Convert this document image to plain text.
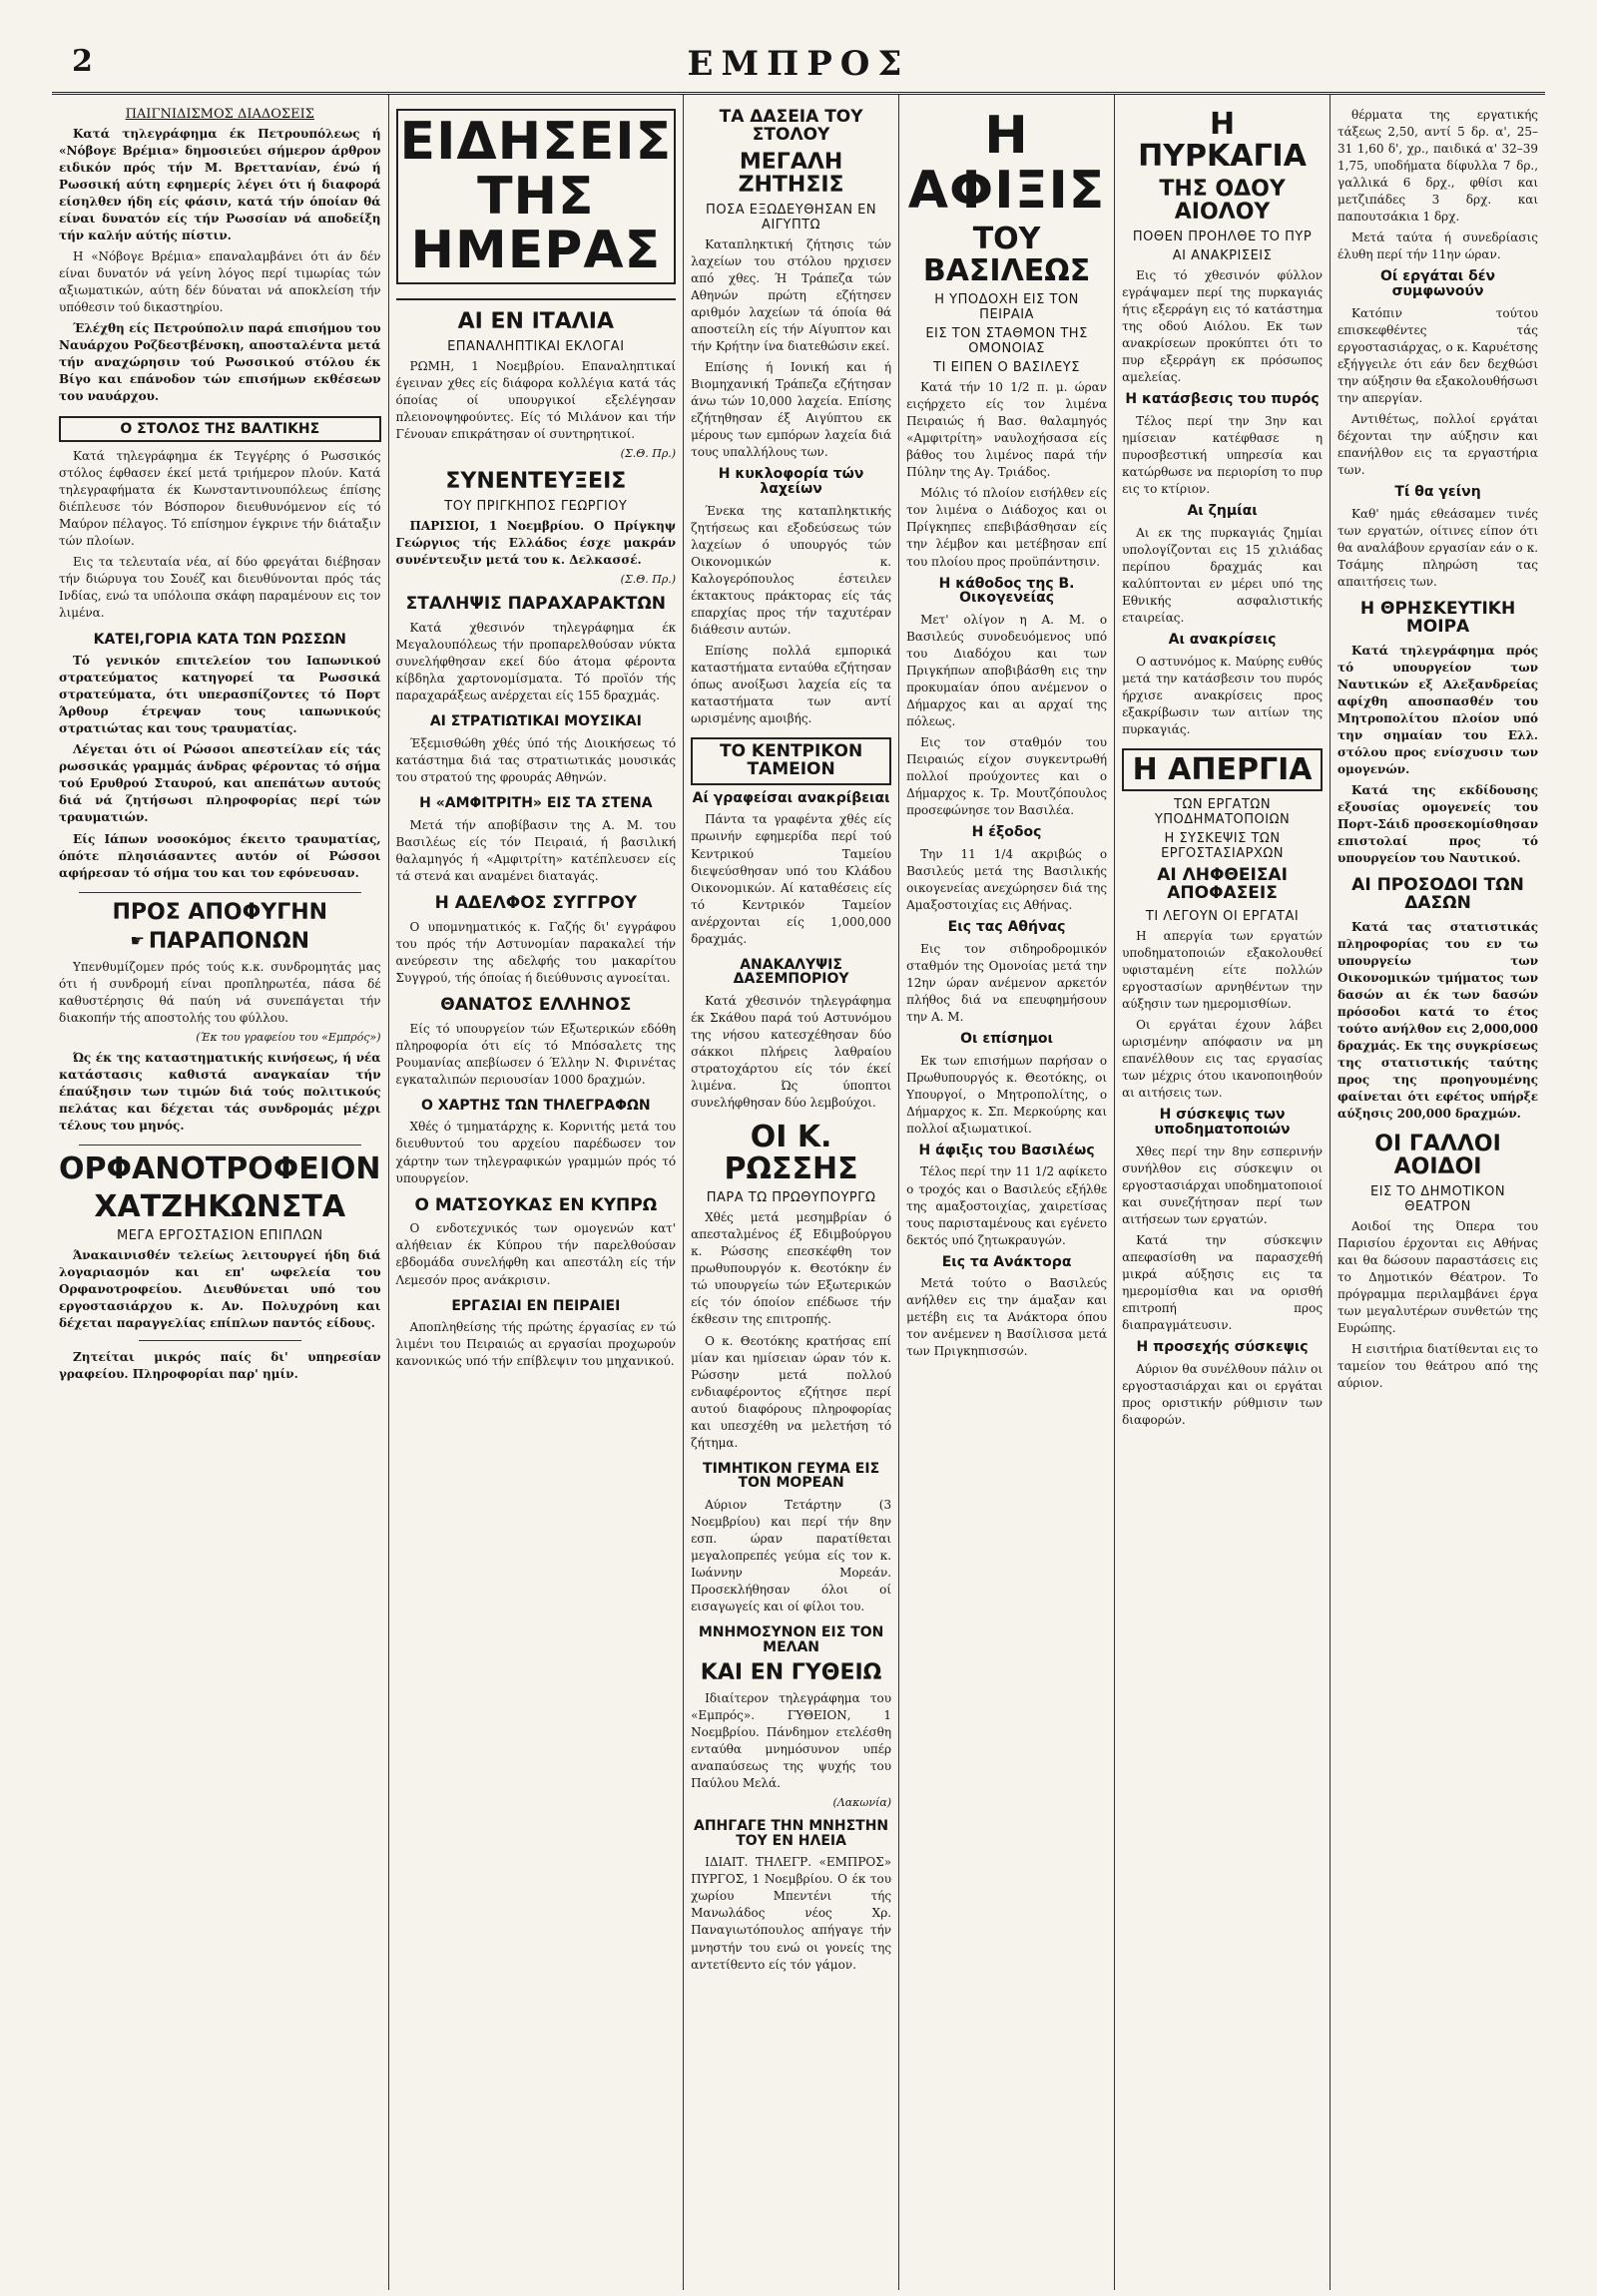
2	ΕΜΠΡΟΣ
ΠΑΙΓΝΙΔΙΣΜΟΣ ΔΙΑΔΟΣΕΙΣ

Κατά τηλεγράφημα έκ Πετρουπόλεως ή «Νόβογε Βρέμια» δημοσιεύει σήμερον άρθρον ειδικόν πρός τήν Μ. Βρεττανίαν, ένώ ή Ρωσσική αύτη εφημερίς λέγει ότι ή διαφορά είσηλθεν ήδη είς φάσιν, κατά τήν όποίαν θά είναι δυνατόν είς τήν Ρωσσίαν νά αποδείξη τήν καλήν αύτής πίστιν.

Η «Νόβογε Βρέμια» επαναλαμβάνει ότι άν δέν είναι δυνατόν νά γείνη λόγος περί τιμωρίας τών αξιωματικών, αύτη δέν δύναται νά αποκλείση τήν υπόθεσιν τού δικαστηρίου.

Έλέχθη είς Πετρούπολιν παρά επισήμου του Ναυάρχου Ροζδεστβένσκη, αποσταλέντα μετά τήν αναχώρησιν τού Ρωσσικού στόλου έκ Βίγο και επάνοδον τών επισήμων εκθέσεων του ναυάρχου.

Ο ΣΤΟΛΟΣ ΤΗΣ ΒΑΛΤΙΚΗΣ

Κατά τηλεγράφημα έκ Τεγγέρης ό Ρωσσικός στόλος έφθασεν έκεί μετά τριήμερον πλούν. Κατά τηλεγραφήματα έκ Κωνσταντινουπόλεως έπίσης διέπλευσε τόν Βόσπορον διευθυνόμενον είς τό Μαύρον πέλαγος. Τό επίσημον έγκρινε τήν διάταξιν τών πλοίων.

Εις τα τελευταία νέα, αί δύο φρεγάται διέβησαν τήν διώρυγα του Σουέζ και διευθύνονται πρός τάς Ινδίας, ενώ τα υπόλοιπα σκάφη παραμένουν εις τον λιμένα.

ΚΑΤΕΙ,ΓΟΡΙΑ ΚΑΤΑ ΤΩΝ ΡΩΣΣΩΝ

Τό γενικόν επιτελείον του Ιαπωνικού στρατεύματος κατηγορεί τα Ρωσσικά στρατεύματα, ότι υπερασπίζοντες τό Πορτ Άρθουρ έτρεψαν τους ιαπωνικούς στρατιώτας και τους τραυματίας.

Λέγεται ότι οί Ρώσσοι απεστείλαν είς τάς ρωσσικάς γραμμάς άνδρας φέροντας τό σήμα τού Ερυθρού Σταυρού, και απεπάτων αυτούς διά νά ζητήσωσι πληροφορίας περί τών τραυματιών.

Είς Ιάπων νοσοκόμος έκειτο τραυματίας, όπότε πλησιάσαντες αυτόν οί Ρώσσοι αφήρεσαν τό σήμα του και τον εφόνευσαν.

ΠΡΟΣ ΑΠΟΦΥΓΗΝ
☛ ΠΑΡΑΠΟΝΩΝ

Υπενθυμίζομεν πρός τούς κ.κ. συνδρομητάς μας ότι ή συνδρομή είναι προπληρωτέα, πάσα δέ καθυστέρησις θά παύη νά συνεπάγεται τήν διακοπήν τής αποστολής του φύλλου.

(Έκ του γραφείου του «Εμπρός»)

Ώς έκ της καταστηματικής κινήσεως, ή νέα κατάστασις καθιστά αναγκαίαν τήν έπαύξησιν των τιμών διά τούς πολιτικούς πελάτας και δέχεται τάς συνδρομάς μέχρι τέλους του μηνός.

ΟΡΦΑΝΟΤΡΟΦΕΙΟΝ
ΧΑΤΖΗΚΩΝΣΤΑ
ΜΕΓΑ ΕΡΓΟΣΤΑΣΙΟΝ ΕΠΙΠΛΩΝ

Άνακαινισθέν τελείως λειτουργεί ήδη διά λογαριασμόν και επ' ωφελεία του Ορφανοτροφείου. Διευθύνεται υπό του εργοστασιάρχου κ. Αν. Πολυχρόνη και δέχεται παραγγελίας επίπλων παντός είδους.

Ζητείται μικρός παίς δι' υπηρεσίαν γραφείου. Πληροφορίαι παρ' ημίν.

ΕΙΔΗΣΕΙΣ ΤΗΣ ΗΜΕΡΑΣ
ΑΙ ΕΝ ΙΤΑΛΙΑ
ΕΠΑΝΑΛΗΠΤΙΚΑΙ ΕΚΛΟΓΑΙ

ΡΩΜΗ, 1 Νοεμβρίου. Επαναληπτικαί έγειναν χθες είς διάφορα κολλέγια κατά τάς όποίας οί υπουργικοί εξελέγησαν πλειονοψηφούντες. Είς τό Μιλάνον και τήν Γένουαν επικράτησαν οί συντηρητικοί.

(Σ.Θ. Πρ.)
ΣΥΝΕΝΤΕΥΞΕΙΣ
ΤΟΥ ΠΡΙΓΚΗΠΟΣ ΓΕΩΡΓΙΟΥ

ΠΑΡΙΣΙΟΙ, 1 Νοεμβρίου. Ο Πρίγκηψ Γεώργιος τής Ελλάδος έσχε μακράν συνέντευξιν μετά του κ. Δελκασσέ.

(Σ.Θ. Πρ.)
ΣΤΑΛΗΨΙΣ ΠΑΡΑΧΑΡΑΚΤΩΝ

Κατά χθεσινόν τηλεγράφημα έκ Μεγαλουπόλεως τήν προπαρελθούσαν νύκτα συνελήφθησαν εκεί δύο άτομα φέροντα κίβδηλα χαρτονομίσματα. Τό προϊόν τής παραχαράξεως ανέρχεται είς 155 δραχμάς.

ΑΙ ΣΤΡΑΤΙΩΤΙΚΑΙ ΜΟΥΣΙΚΑΙ

Έξεμισθώθη χθές ύπό τής Διοικήσεως τό κατάστημα διά τας στρατιωτικάς μουσικάς του στρατού της φρουράς Αθηνών.

Η «ΑΜΦΙΤΡΙΤΗ» ΕΙΣ ΤΑ ΣΤΕΝΑ

Μετά τήν αποβίβασιν της Α. Μ. του Βασιλέως είς τόν Πειραιά, ή βασιλική θαλαμηγός ή «Αμφιτρίτη» κατέπλευσεν είς τά στενά και αναμένει διαταγάς.

Η ΑΔΕΛΦΟΣ ΣΥΓΓΡΟΥ

Ο υπομνηματικός κ. Γαζής δι' εγγράφου του πρός τήν Αστυνομίαν παρακαλεί τήν ανεύρεσιν της αδελφής του μακαρίτου Συγγρού, τής όποίας ή διεύθυνσις αγνοείται.

ΘΑΝΑΤΟΣ ΕΛΛΗΝΟΣ

Είς τό υπουργείον τών Εξωτερικών εδόθη πληροφορία ότι είς τό Μπόσαλετς της Ρουμανίας απεβίωσεν ό Έλλην Ν. Φιρινέτας εγκαταλιπών περιουσίαν 1000 δραχμών.

Ο ΧΑΡΤΗΣ ΤΩΝ ΤΗΛΕΓΡΑΦΩΝ

Χθές ό τμηματάρχης κ. Κορνιτής μετά του διευθυντού του αρχείου παρέδωσεν τον χάρτην των τηλεγραφικών γραμμών πρός τό υπουργείον.

Ο ΜΑΤΣΟΥΚΑΣ ΕΝ ΚΥΠΡΩ

Ο ενδοτεχνικός των ομογενών κατ' αλήθειαν έκ Κύπρου τήν παρελθούσαν εβδομάδα συνελήφθη και απεστάλη είς τήν Λεμεσόν προς ανάκρισιν.

ΕΡΓΑΣΙΑΙ ΕΝ ΠΕΙΡΑΙΕΙ

Αποπληθείσης τής πρώτης έργασίας εν τώ λιμένι του Πειραιώς αι εργασίαι προχωρούν κανονικώς υπό τήν επίβλεψιν του μηχανικού.

ΤΑ ΔΑΣΕΙΑ ΤΟΥ ΣΤΟΛΟΥ
ΜΕΓΑΛΗ ΖΗΤΗΣΙΣ
ΠΟΣΑ ΕΞΩΔΕΥΘΗΣΑΝ ΕΝ ΑΙΓΥΠΤΩ

Καταπληκτική ζήτησις τών λαχείων του στόλου ηρχισεν από χθες. Ή Τράπεζα τών Αθηνών πρώτη εζήτησεν αριθμόν λαχείων τά όποία θά αποστείλη είς τήν Αίγυπτον και τήν Κρήτην ίνα διατεθώσιν εκεί.

Επίσης ή Ιονική και ή Βιομηχανική Τράπεζα εζήτησαν άνω τών 10,000 λαχεία. Επίσης εζήτηθησαν έξ Αιγύπτου εκ μέρους των εμπόρων λαχεία διά τους υπαλλήλους των.

Η κυκλοφορία τών λαχείων

Ένεκα της καταπληκτικής ζητήσεως και εξοδεύσεως τών λαχείων ό υπουργός τών Οικονομικών κ. Καλογερόπουλος έστειλεν έκτακτους πράκτορας είς τάς επαρχίας προς τήν ταχυτέραν διάθεσιν αυτών.

Επίσης πολλά εμπορικά καταστήματα ενταύθα εζήτησαν όπως ανοίξωσι λαχεία είς τα καταστήματα των αντί ωρισμένης αμοιβής.

ΤΟ ΚΕΝΤΡΙΚΟΝ ΤΑΜΕΙΟΝ
Αί γραφείσαι ανακρίβειαι

Πάντα τα γραφέντα χθές είς πρωινήν εφημερίδα περί τού Κεντρικού Ταμείου διεψεύσθησαν υπό του Κλάδου Οικονομικών. Αί καταθέσεις είς τό Κεντρικόν Ταμείον ανέρχονται είς 1,000,000 δραχμάς.

ΑΝΑΚΑΛΥΨΙΣ ΔΑΣΕΜΠΟΡΙΟΥ

Κατά χθεσινόν τηλεγράφημα έκ Σκάθου παρά τού Αστυνόμου της νήσου κατεσχέθησαν δύο σάκκοι πλήρεις λαθραίου στρατοχάρτου είς τόν έκεί λιμένα. Ώς ύποπτοι συνελήφθησαν δύο λεμβούχοι.

ΟΙ Κ. ΡΩΣΣΗΣ
ΠΑΡΑ ΤΩ ΠΡΩΘΥΠΟΥΡΓΩ

Χθές μετά μεσημβρίαν ό απεσταλμένος έξ Εδιμβούργου κ. Ρώσσης επεσκέφθη τον πρωθυπουργόν κ. Θεοτόκην έν τώ υπουργείω τών Εξωτερικών είς τόν όποίον επέδωσε τήν έκθεσιν της επιτροπής.

Ο κ. Θεοτόκης κρατήσας επί μίαν και ημίσειαν ώραν τόν κ. Ρώσσην μετά πολλού ενδιαφέροντος εζήτησε περί αυτού διαφόρους πληροφορίας και υπεσχέθη να μελετήση τό ζήτημα.

ΤΙΜΗΤΙΚΟΝ ΓΕΥΜΑ ΕΙΣ ΤΟΝ ΜΟΡΕΑΝ

Αύριον Τετάρτην (3 Νοεμβρίου) και περί τήν 8ην εσπ. ώραν παρατίθεται μεγαλοπρεπές γεύμα είς τον κ. Ιωάννην Μορεάν. Προσεκλήθησαν όλοι οί εισαγωγείς και οί φίλοι του.

ΜΝΗΜΟΣΥΝΟΝ ΕΙΣ ΤΟΝ ΜΕΛΑΝ
ΚΑΙ ΕΝ ΓΥΘΕΙΩ

Ιδιαίτερον τηλεγράφημα του «Εμπρός». ΓΥΘΕΙΟΝ, 1 Νοεμβρίου. Πάνδημον ετελέσθη ενταύθα μνημόσυνον υπέρ αναπαύσεως της ψυχής του Παύλου Μελά.

(Λακωνία)
ΑΠΗΓΑΓΕ ΤΗΝ ΜΝΗΣΤΗΝ ΤΟΥ ΕΝ ΗΛΕΙΑ

ΙΔΙΑΙΤ. ΤΗΛΕΓΡ. «ΕΜΠΡΟΣ» ΠΥΡΓΟΣ, 1 Νοεμβρίου. Ο έκ του χωρίου Μπεντένι τής Μανωλάδος νέος Χρ. Παναγιωτόπουλος απήγαγε τήν μνηστήν του ενώ οι γονείς της αντετίθεντο είς τόν γάμον.

Η ΑΦΙΞΙΣ
ΤΟΥ ΒΑΣΙΛΕΩΣ
Η ΥΠΟΔΟΧΗ ΕΙΣ ΤΟΝ ΠΕΙΡΑΙΑ
ΕΙΣ ΤΟΝ ΣΤΑΘΜΟΝ ΤΗΣ ΟΜΟΝΟΙΑΣ
ΤΙ ΕΙΠΕΝ Ο ΒΑΣΙΛΕΥΣ

Κατά τήν 10 1/2 π. μ. ώραν ειςήρχετο είς τον λιμένα Πειραιώς ή Βασ. θαλαμηγός «Αμφιτρίτη» ναυλοχήσασα είς βάθος του λιμένος παρά τήν Πύλην της Αγ. Τριάδος.

Μόλις τό πλοίον εισήλθεν είς τον λιμένα ο Διάδοχος και οι Πρίγκηπες επεβιβάσθησαν είς την λέμβον και μετέβησαν επί του πλοίου προς προϋπάντησιν.

Η κάθοδος της Β. Οικογενείας

Μετ' ολίγον η Α. Μ. ο Βασιλεύς συνοδευόμενος υπό του Διαδόχου και των Πριγκήπων αποβιβάσθη εις την προκυμαίαν όπου ανέμενον ο Δήμαρχος και αι αρχαί της πόλεως.

Εις τον σταθμόν του Πειραιώς είχον συγκεντρωθή πολλοί προύχοντες και ο Δήμαρχος κ. Τρ. Μουτζόπουλος προσεφώνησε τον Βασιλέα.

Η έξοδος

Την 11 1/4 ακριβώς ο Βασιλεύς μετά της Βασιλικής οικογενείας ανεχώρησεν διά της Αμαξοστοιχίας εις Αθήνας.

Εις τας Αθήνας

Εις τον σιδηροδρομικόν σταθμόν της Ομονοίας μετά την 12ην ώραν ανέμενον αρκετόν πλήθος διά να επευφημήσουν την Α. Μ.

Οι επίσημοι

Εκ των επισήμων παρήσαν ο Πρωθυπουργός κ. Θεοτόκης, οι Υπουργοί, ο Μητροπολίτης, ο Δήμαρχος κ. Σπ. Μερκούρης και πολλοί αξιωματικοί.

Η άφιξις του Βασιλέως

Τέλος περί την 11 1/2 αφίκετο ο τροχός και ο Βασιλεύς εξήλθε της αμαξοστοιχίας, χαιρετίσας τους παρισταμένους και εγένετο δεκτός υπό ζητωκραυγών.

Εις τα Ανάκτορα

Μετά τούτο ο Βασιλεύς ανήλθεν εις την άμαξαν και μετέβη εις τα Ανάκτορα όπου τον ανέμενεν η Βασίλισσα μετά των Πριγκηπισσών.

Η ΠΥΡΚΑΓΙΑ
ΤΗΣ ΟΔΟΥ ΑΙΟΛΟΥ
ΠΟΘΕΝ ΠΡΟΗΛΘΕ ΤΟ ΠΥΡ
ΑΙ ΑΝΑΚΡΙΣΕΙΣ

Εις τό χθεσινόν φύλλον εγράψαμεν περί της πυρκαγιάς ήτις εξερράγη εις τό κατάστημα της οδού Αιόλου. Εκ των ανακρίσεων προκύπτει ότι το πυρ εξερράγη εκ πρόσωπος αμελείας.

Η κατάσβεσις του πυρός

Τέλος περί την 3ην και ημίσειαν κατέφθασε η πυροσβεστική υπηρεσία και κατώρθωσε να περιορίση το πυρ εις το κτίριον.

Αι ζημίαι

Αι εκ της πυρκαγιάς ζημίαι υπολογίζονται εις 15 χιλιάδας περίπου δραχμάς και καλύπτονται εν μέρει υπό της Εθνικής ασφαλιστικής εταιρείας.

Αι ανακρίσεις

Ο αστυνόμος κ. Μαύρης ευθύς μετά την κατάσβεσιν του πυρός ήρχισε ανακρίσεις προς εξακρίβωσιν των αιτίων της πυρκαγιάς.

Η ΑΠΕΡΓΙΑ
ΤΩΝ ΕΡΓΑΤΩΝ ΥΠΟΔΗΜΑΤΟΠΟΙΩΝ
Η ΣΥΣΚΕΨΙΣ ΤΩΝ ΕΡΓΟΣΤΑΣΙΑΡΧΩΝ
ΑΙ ΛΗΦΘΕΙΣΑΙ ΑΠΟΦΑΣΕΙΣ
ΤΙ ΛΕΓΟΥΝ ΟΙ ΕΡΓΑΤΑΙ

Η απεργία των εργατών υποδηματοποιών εξακολουθεί υφισταμένη είτε πολλών εργοστασίων αρνηθέντων την αύξησιν των ημερομισθίων.

Οι εργάται έχουν λάβει ωρισμένην απόφασιν να μη επανέλθουν εις τας εργασίας των μέχρις ότου ικανοποιηθούν αι αιτήσεις των.

Η σύσκεψις των υποδηματοποιών

Χθες περί την 8ην εσπερινήν συνήλθον εις σύσκεψιν οι εργοστασιάρχαι υποδηματοποιοί και συνεζήτησαν περί των αιτήσεων των εργατών.

Κατά την σύσκεψιν απεφασίσθη να παρασχεθή μικρά αύξησις εις τα ημερομίσθια και να ορισθή επιτροπή προς διαπραγμάτευσιν.

Η προσεχής σύσκεψις

Αύριον θα συνέλθουν πάλιν οι εργοστασιάρχαι και οι εργάται προς οριστικήν ρύθμισιν των διαφορών.

θέρματα της εργατικής τάξεως 2,50, αντί 5 δρ. α', 25–31 1,60 δ', χρ., παιδικά α' 32–39 1,75, υποδήματα δίφυλλα 7 δρ., γαλλικά 6 δρχ., φθίσι και μετζιπάδες 3 δρχ. και παπουτσάκια 1 δρχ.

Μετά ταύτα ή συνεδρίασις έλυθη περί τήν 11ην ώραν.

Οί εργάται δέν συμφωνούν

Κατόπιν τούτου επισκεφθέντες τάς εργοστασιάρχας, ο κ. Καρυέτσης εξήγγειλε ότι εάν δεν δεχθώσι την αύξησιν θα εξακολουθήσωσι την απεργίαν.

Αντιθέτως, πολλοί εργάται δέχονται την αύξησιν και επανήλθον εις τα εργαστήρια των.

Τί θα γείνη

Καθ' ημάς εθεάσαμεν τινές των εργατών, οίτινες είπον ότι θα αναλάβουν εργασίαν εάν ο κ. Τσάμης πληρώση τας απαιτήσεις των.

Η ΘΡΗΣΚΕΥΤΙΚΗ ΜΟΙΡΑ

Κατά τηλεγράφημα πρός τό υπουργείον των Ναυτικών εξ Αλεξανδρείας αφίχθη αποσπασθέν του Μητροπολίτου πλοίον υπό την σημαίαν του Ελλ. στόλου προς ενίσχυσιν των ομογενών.

Κατά της εκδίδουσης εξουσίας ομογενείς του Πορτ-Σάιδ προσεκομίσθησαν επιστολαί προς τό υπουργείον του Ναυτικού.

ΑΙ ΠΡΟΣΟΔΟΙ ΤΩΝ ΔΑΣΩΝ

Κατά τας στατιστικάς πληροφορίας του εν τω υπουργείω των Οικονομικών τμήματος των δασών αι έκ των δασών πρόσοδοι κατά το έτος τούτο ανήλθον εις 2,000,000 δραχμάς. Εκ της συγκρίσεως της στατιστικής ταύτης προς της προηγουμένης φαίνεται ότι εφέτος υπήρξε αύξησις 200,000 δραχμών.

ΟΙ ΓΑΛΛΟΙ ΑΟΙΔΟΙ
ΕΙΣ ΤΟ ΔΗΜΟΤΙΚΟΝ ΘΕΑΤΡΟΝ

Αοιδοί της Όπερα του Παρισίου έρχονται εις Αθήνας και θα δώσουν παραστάσεις εις το Δημοτικόν Θέατρον. Το πρόγραμμα περιλαμβάνει έργα των μεγαλυτέρων συνθετών της Ευρώπης.

Η εισιτήρια διατίθενται εις το ταμείον του θεάτρου από της αύριον.
